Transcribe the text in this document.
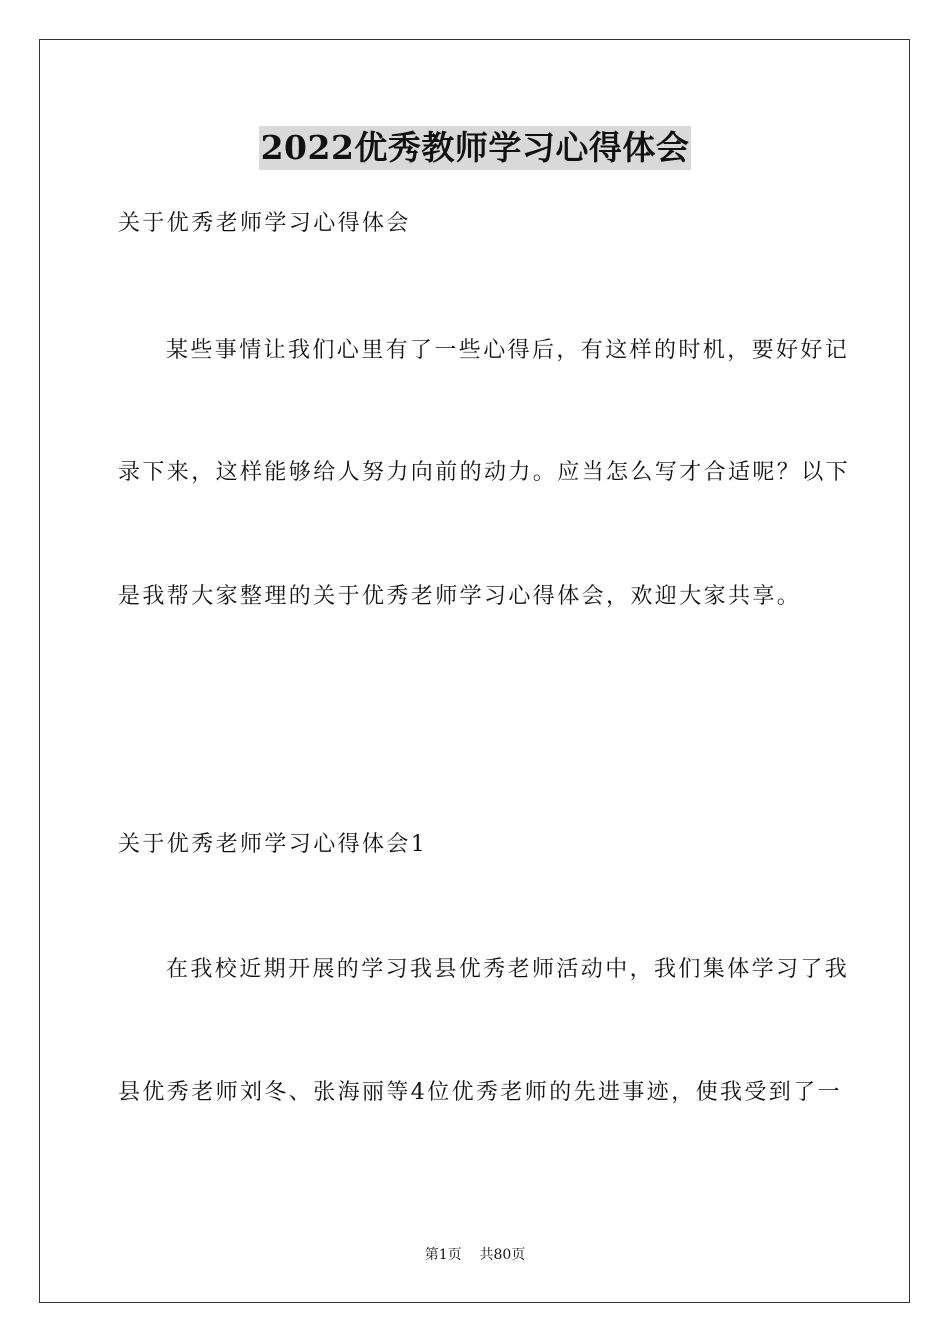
2022优秀教师学习心得体会
关于优秀老师学习心得体会
某些事情让我们心里有了一些心得后，有这样的时机，要好好记
录下来，这样能够给人努力向前的动力。应当怎么写才合适呢？以下
是我帮大家整理的关于优秀老师学习心得体会，欢迎大家共享。
关于优秀老师学习心得体会1
在我校近期开展的学习我县优秀老师活动中，我们集体学习了我
县优秀老师刘冬、张海丽等4位优秀老师的先进事迹，使我受到了一
第1页 共80页
